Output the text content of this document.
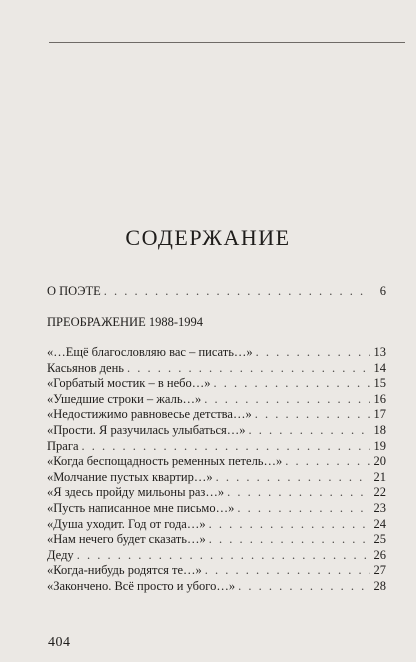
СОДЕРЖАНИЕ
О ПОЭТЕ . . .	6
ПРЕОБРАЖЕНИЕ 1988-1994
«…Ещё благословляю вас – писать…» . . .	13
Касьянов день . . .	14
«Горбатый мостик – в небо…» . . .	15
«Ушедшие строки – жаль…» . . .	16
«Недостижимо равновесье детства…» . . .	17
«Прости. Я разучилась улыбаться…» . . .	18
Прага . . .	19
«Когда беспощадность ременных петель…» . . .	20
«Молчание пустых квартир…» . . .	21
«Я здесь пройду мильоны раз…» . . .	22
«Пусть написанное мне письмо…» . . .	23
«Душа уходит. Год от года…» . . .	24
«Нам нечего будет сказать…» . . .	25
Деду . . .	26
«Когда-нибудь родятся те…» . . .	27
«Закончено. Всё просто и убого…» . . .	28
404
